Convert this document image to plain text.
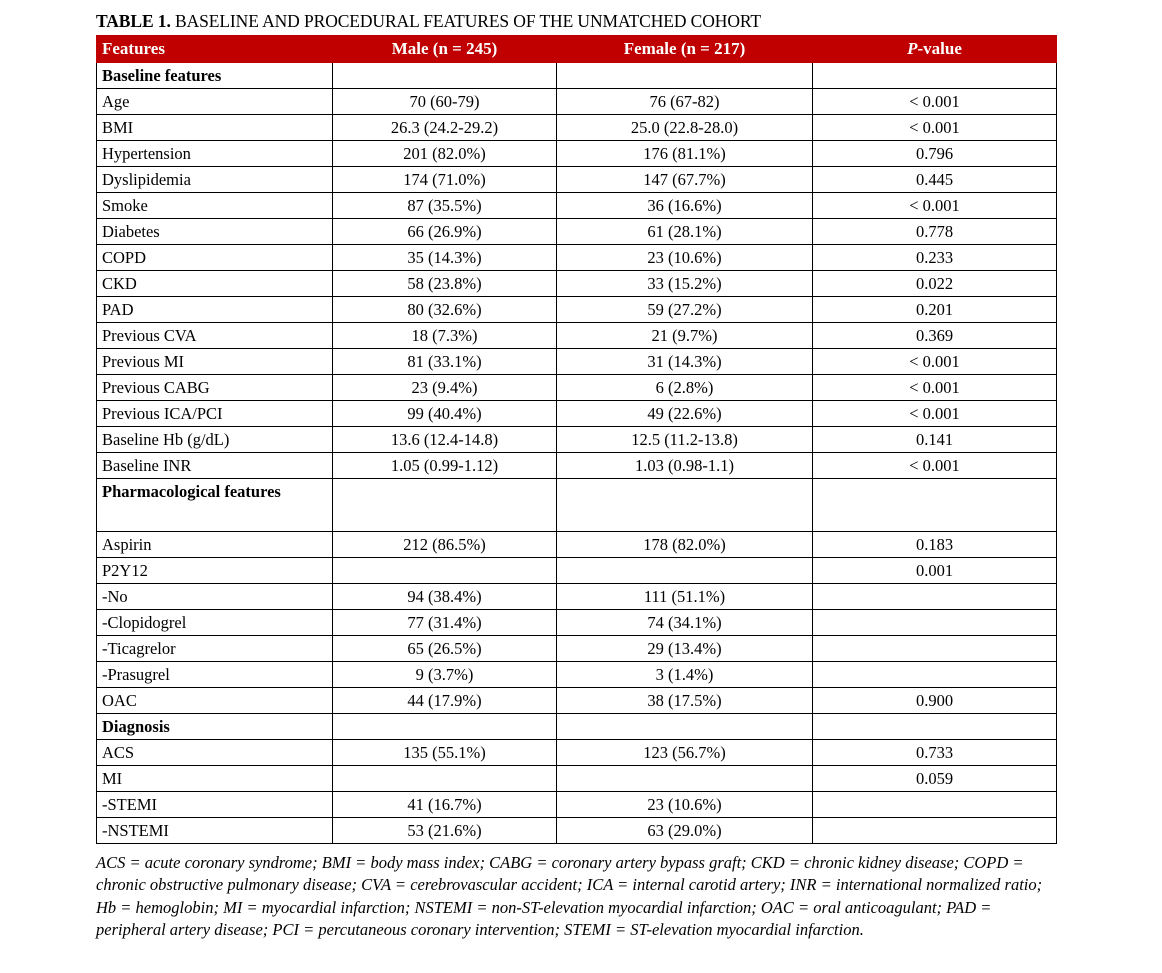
TABLE 1. BASELINE AND PROCEDURAL FEATURES OF THE UNMATCHED COHORT
Features	Male (n = 245)	Female (n = 217)	P-value
Baseline features			
Age	70 (60-79)	76 (67-82)	< 0.001
BMI	26.3 (24.2-29.2)	25.0 (22.8-28.0)	< 0.001
Hypertension	201 (82.0%)	176 (81.1%)	0.796
Dyslipidemia	174 (71.0%)	147 (67.7%)	0.445
Smoke	87 (35.5%)	36 (16.6%)	< 0.001
Diabetes	66 (26.9%)	61 (28.1%)	0.778
COPD	35 (14.3%)	23 (10.6%)	0.233
CKD	58 (23.8%)	33 (15.2%)	0.022
PAD	80 (32.6%)	59 (27.2%)	0.201
Previous CVA	18 (7.3%)	21 (9.7%)	0.369
Previous MI	81 (33.1%)	31 (14.3%)	< 0.001
Previous CABG	23 (9.4%)	6 (2.8%)	< 0.001
Previous ICA/PCI	99 (40.4%)	49 (22.6%)	< 0.001
Baseline Hb (g/dL)	13.6 (12.4-14.8)	12.5 (11.2-13.8)	0.141
Baseline INR	1.05 (0.99-1.12)	1.03 (0.98-1.1)	< 0.001
Pharmacological features			
Aspirin	212 (86.5%)	178 (82.0%)	0.183
P2Y12			0.001
-No	94 (38.4%)	111 (51.1%)	
-Clopidogrel	77 (31.4%)	74 (34.1%)	
-Ticagrelor	65 (26.5%)	29 (13.4%)	
-Prasugrel	9 (3.7%)	3 (1.4%)	
OAC	44 (17.9%)	38 (17.5%)	0.900
Diagnosis			
ACS	135 (55.1%)	123 (56.7%)	0.733
MI			0.059
-STEMI	41 (16.7%)	23 (10.6%)	
-NSTEMI	53 (21.6%)	63 (29.0%)	
ACS = acute coronary syndrome; BMI = body mass index; CABG = coronary artery bypass graft; CKD = chronic kidney disease; COPD = chronic obstructive pulmonary disease; CVA = cerebrovascular accident; ICA = internal carotid artery; INR = international normalized ratio; Hb = hemoglobin; MI = myocardial infarction; NSTEMI = non-ST-elevation myocardial infarction; OAC = oral anticoagulant; PAD = peripheral artery disease; PCI = percutaneous coronary intervention; STEMI = ST-elevation myocardial infarction.
